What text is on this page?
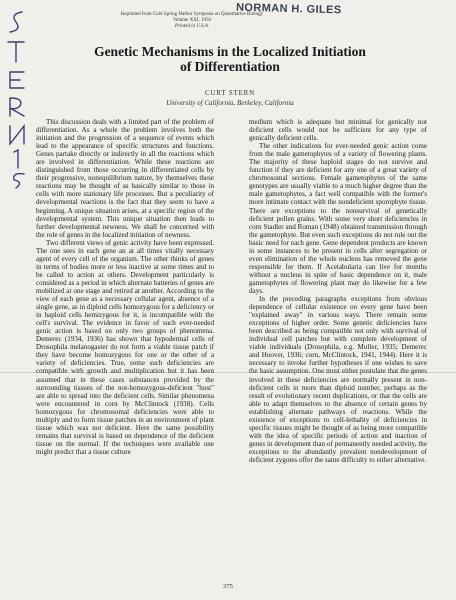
Reprinted from Cold Spring Harbor Symposia on Quantitative Biology
Volume XXI, 1956
Printed in U.S.A.
NORMAN H. GILES
Genetic Mechanisms in the Localized Initiation
of Differentiation
CURT STERN
University of California, Berkeley, California

This discussion deals with a limited part of the problem of differentiation. As a whole the problem involves both the initiation and the progression of a sequence of events which lead to the appearance of specific structures and functions. Genes partake directly or indirectly in all the reactions which are involved in differentiation. While these reactions are distinguished from those occurring in differentiated cells by their progressive, nonequilibrium nature, by themselves these reactions may be thought of as basically similar to those in cells with more stationary life processes. But a peculiarity of developmental reactions is the fact that they seem to have a beginning. A unique situation arises, at a specific region of the developmental system. This unique situation then leads to further developmental newness. We shall be concerned with the role of genes in the localized initiation of newness.

Two different views of genic activity have been expressed. The one sees in each gene an at all times vitally necessary agent of every cell of the organism. The other thinks of genes in terms of bodies more or less inactive at some times and to be called to action at others. Development particularly is considered as a period in which alternate batteries of genes are mobilized at one stage and retired at another. According to the view of each gene as a necessary cellular agent, absence of a single gene, as in diploid cells homozygous for a deficiency or in haploid cells hemizygous for it, is incompatible with the cell's survival. The evidence in favor of such ever-needed genic action is based on only two groups of phenomena. Demerec (1934, 1936) has shown that hypodermal cells of Drosophila melanogaster do not form a viable tissue patch if they have become homozygous for one or the other of a variety of deficiencies. True, some such deficiencies are compatible with growth and multiplication but it has been assumed that in these cases substances provided by the surrounding tissues of the not-homozygous-deficient "host" are able to spread into the deficient cells. Similar phenomena were encountered in corn by McClintock (1938). Cells homozygous for chromosomal deficiencies were able to multiply and to form tissue patches in an environment of plant tissue which was not deficient. Here the same possibility remains that survival is based on dependence of the deficient tissue on the normal. If the techniques were available one might predict that a tissue culture

medium which is adequate but minimal for genically not deficient cells would not be sufficient for any type of genically deficient cells.

The other indications for ever-needed genic action come from the male gametophytes of a variety of flowering plants. The majority of these haploid stages do not survive and function if they are deficient for any one of a great variety of chromosomal sections. Female gametophytes of the same genotypes are usually viable to a much higher degree than the male gametophytes, a fact well compatible with the former's more intimate contact with the nondeficient sporophyte tissue. There are exceptions to the nonsurvival of genetically deficient pollen grains. With some very short deficiencies in corn Stadler and Roman (1948) obtained transmission through the gametophyte. But even such exceptions do not rule out the basic need for each gene. Gene dependent products are known in some instances to be present in cells after segregation or even elimination of the whole nucleus has removed the gene responsible for them. If Acetabularia can live for months without a nucleus in spite of basic dependence on it, male gametophytes of flowering plant may do likewise for a few days.

In the preceding paragraphs exceptions from obvious dependence of cellular existence on every gene have been "explained away" in various ways. There remain some exceptions of higher order. Some genetic deficiencies have been described as being compatible not only with survival of individual cell patches but with complete development of viable individuals (Drosophila, e.g. Muller, 1935; Demerec and Hoover, 1936; corn, McClintock, 1941, 1944). Here it is necessary to invoke further hypotheses if one wishes to save the basic assumption. One must either postulate that the genes involved in these deficiencies are normally present in non-deficient cells in more than diploid number, perhaps as the result of evolutionary recent duplications, or that the cells are able to adapt themselves to the absence of certain genes by establishing alternate pathways of reactions. While the existence of exceptions to cell-lethality of deficiencies in specific tissues might be thought of as being more compatible with the idea of specific periods of action and inaction of genes in development than of permanently needed activity, the exceptions to the abundantly prevalent nondevelopment of deficient zygotes offer the same difficulty to either alternative.

375
